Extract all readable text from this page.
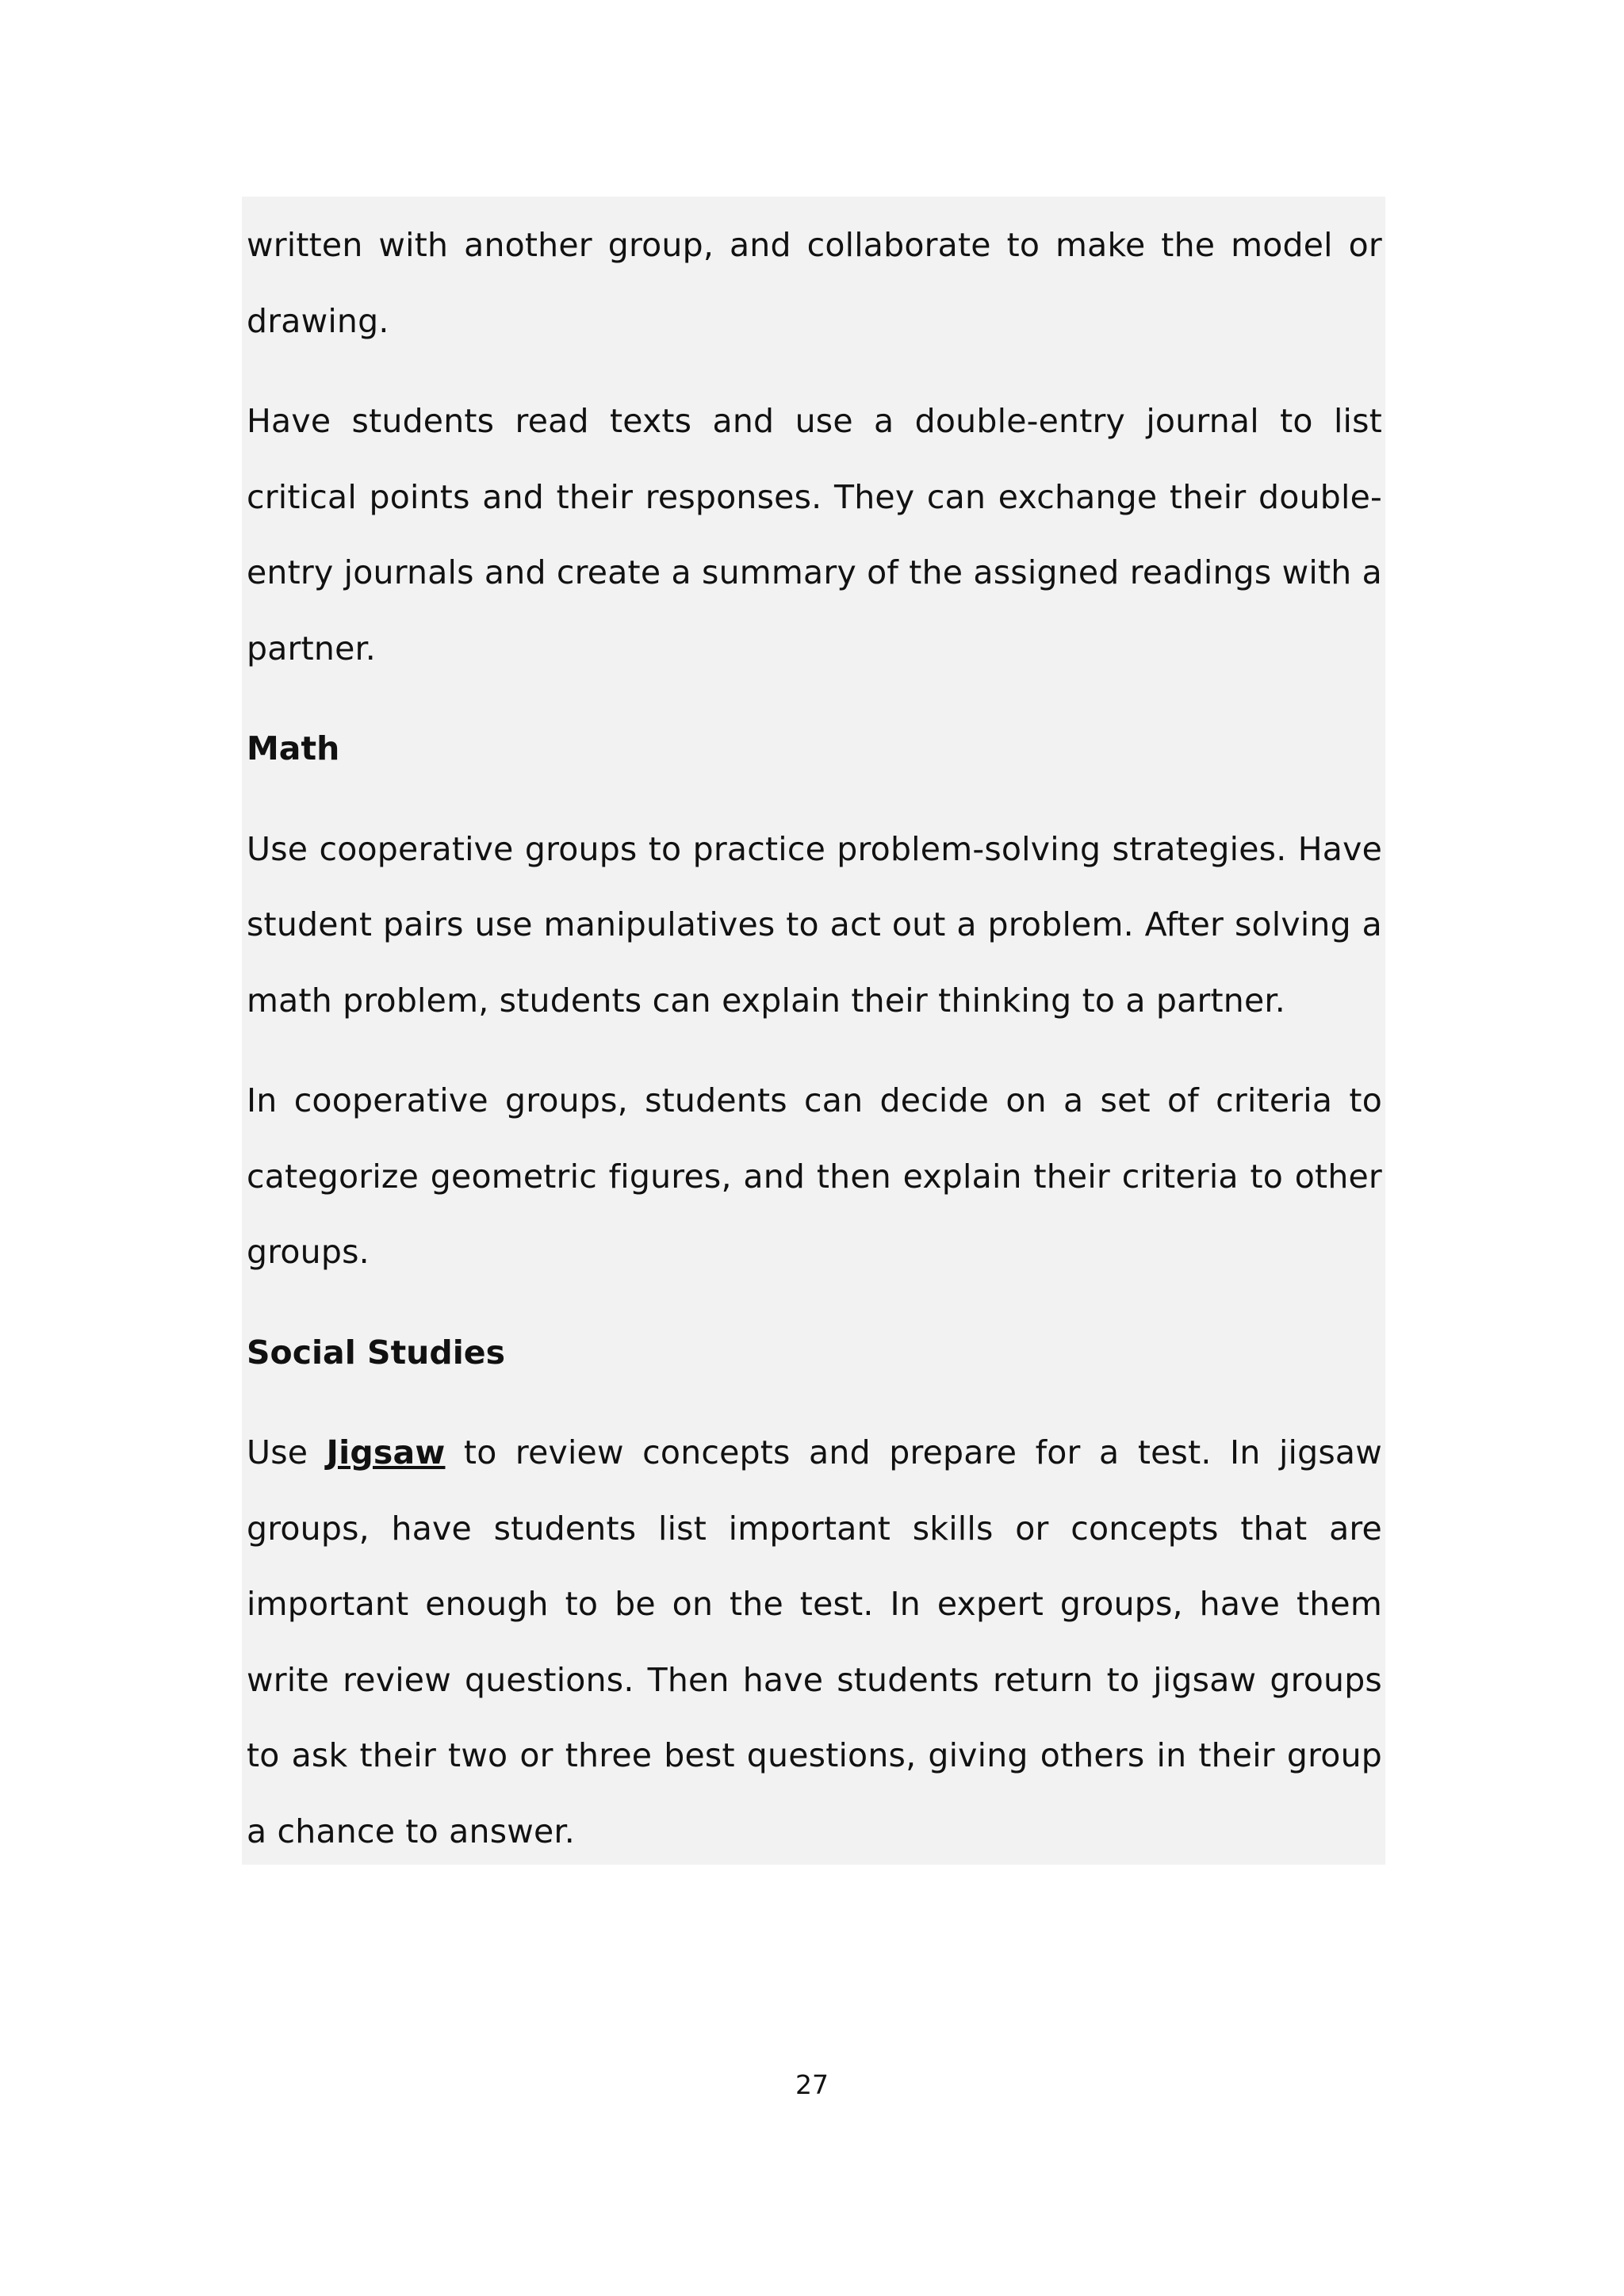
written with another group, and collaborate to make the model or drawing.

Have students read texts and use a double-entry journal to list critical points and their responses. They can exchange their double-entry journals and create a summary of the assigned readings with a partner.

Math

Use cooperative groups to practice problem-solving strategies. Have student pairs use manipulatives to act out a problem. After solving a math problem, students can explain their thinking to a partner.

In cooperative groups, students can decide on a set of criteria to categorize geometric figures, and then explain their criteria to other groups.

Social Studies

Use Jigsaw to review concepts and prepare for a test. In jigsaw groups, have students list important skills or concepts that are important enough to be on the test. In expert groups, have them write review questions. Then have students return to jigsaw groups to ask their two or three best questions, giving others in their group a chance to answer.

27
